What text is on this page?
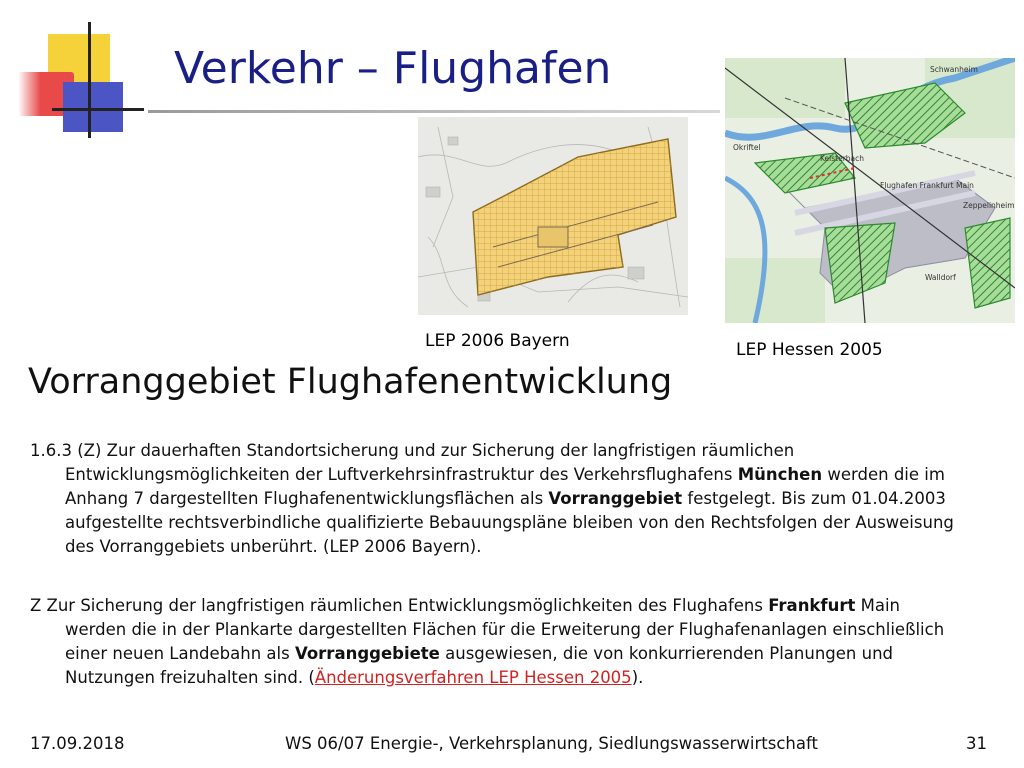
Verkehr – Flughafen
LEP 2006 Bayern
Schwanheim
Flughafen Frankfurt Main
Kelsterbach
Walldorf
Zeppelinheim
Okriftel
LEP Hessen 2005
Vorranggebiet Flughafenentwicklung
1.6.3 (Z) Zur dauerhaften Standortsicherung und zur Sicherung der langfristigen räumlichen
Entwicklungsmöglichkeiten der Luftverkehrsinfrastruktur des Verkehrsflughafens München werden die im
Anhang 7 dargestellten Flughafenentwicklungsflächen als Vorranggebiet festgelegt. Bis zum 01.04.2003
aufgestellte rechtsverbindliche qualifizierte Bebauungspläne bleiben von den Rechtsfolgen der Ausweisung
des Vorranggebiets unberührt. (LEP 2006 Bayern).
Z Zur Sicherung der langfristigen räumlichen Entwicklungsmöglichkeiten des Flughafens Frankfurt Main
werden die in der Plankarte dargestellten Flächen für die Erweiterung der Flughafenanlagen einschließlich
einer neuen Landebahn als Vorranggebiete ausgewiesen, die von konkurrierenden Planungen und
Nutzungen freizuhalten sind. (Änderungsverfahren LEP Hessen 2005).
17.09.2018	WS 06/07 Energie-, Verkehrsplanung, Siedlungswasserwirtschaft	31
